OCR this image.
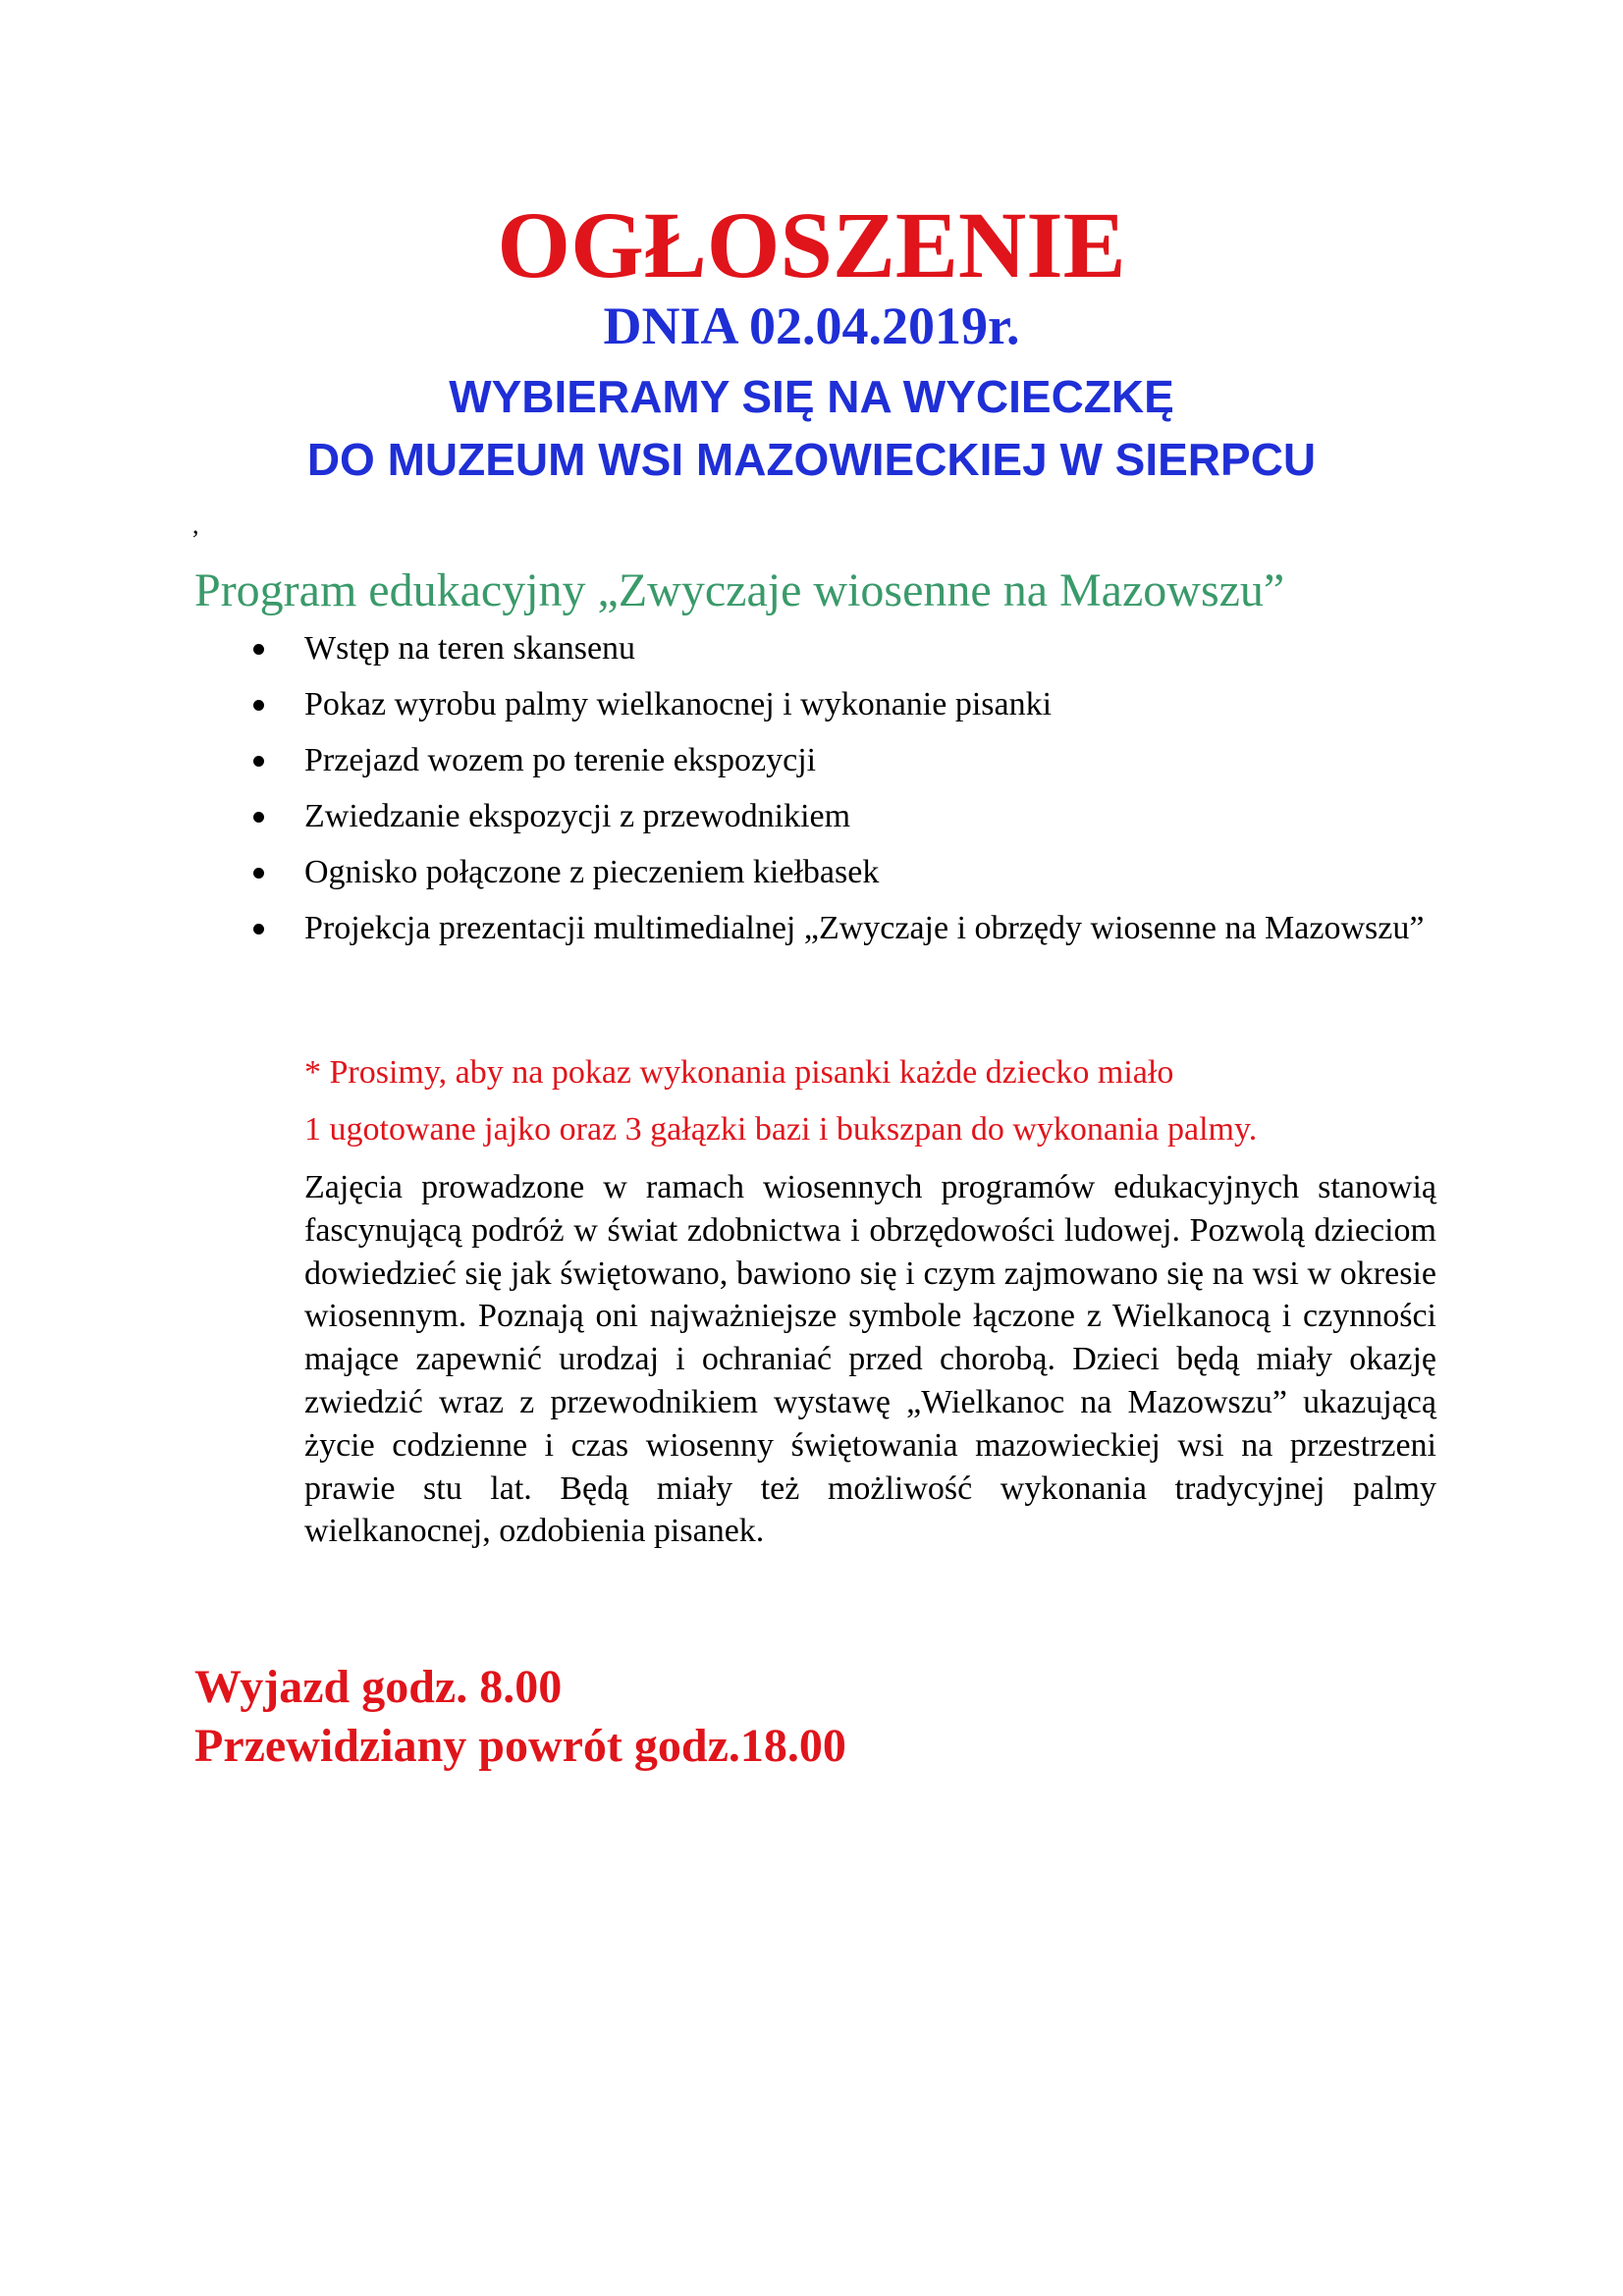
OGŁOSZENIE
DNIA 02.04.2019r.
WYBIERAMY SIĘ NA WYCIECZKĘ
DO MUZEUM WSI MAZOWIECKIEJ W SIERPCU
,
Program edukacyjny „Zwyczaje wiosenne na Mazowszu”
Wstęp na teren skansenu
Pokaz wyrobu palmy wielkanocnej i wykonanie pisanki
Przejazd wozem po terenie ekspozycji
Zwiedzanie ekspozycji z przewodnikiem
Ognisko połączone z pieczeniem kiełbasek
Projekcja prezentacji multimedialnej „Zwyczaje i obrzędy wiosenne na Mazowszu”
* Prosimy, aby na pokaz wykonania pisanki każde dziecko miało
1 ugotowane jajko oraz 3 gałązki bazi i bukszpan do wykonania palmy.

Zajęcia prowadzone w ramach wiosennych programów edukacyjnych stanowią fascynującą podróż w świat zdobnictwa i obrzędowości ludowej. Pozwolą dzieciom dowiedzieć się jak świętowano, bawiono się i czym zajmowano się na wsi w okresie wiosennym. Poznają oni najważniejsze symbole łączone z Wielkanocą i czynności mające zapewnić urodzaj i ochraniać przed chorobą. Dzieci będą miały okazję zwiedzić wraz z przewodnikiem wystawę „Wielkanoc na Mazowszu” ukazującą życie codzienne i czas wiosenny świętowania mazowieckiej wsi na przestrzeni prawie stu lat. Będą miały też możliwość wykonania tradycyjnej palmy wielkanocnej, ozdobienia pisanek.

Wyjazd godz. 8.00
Przewidziany powrót godz.18.00
